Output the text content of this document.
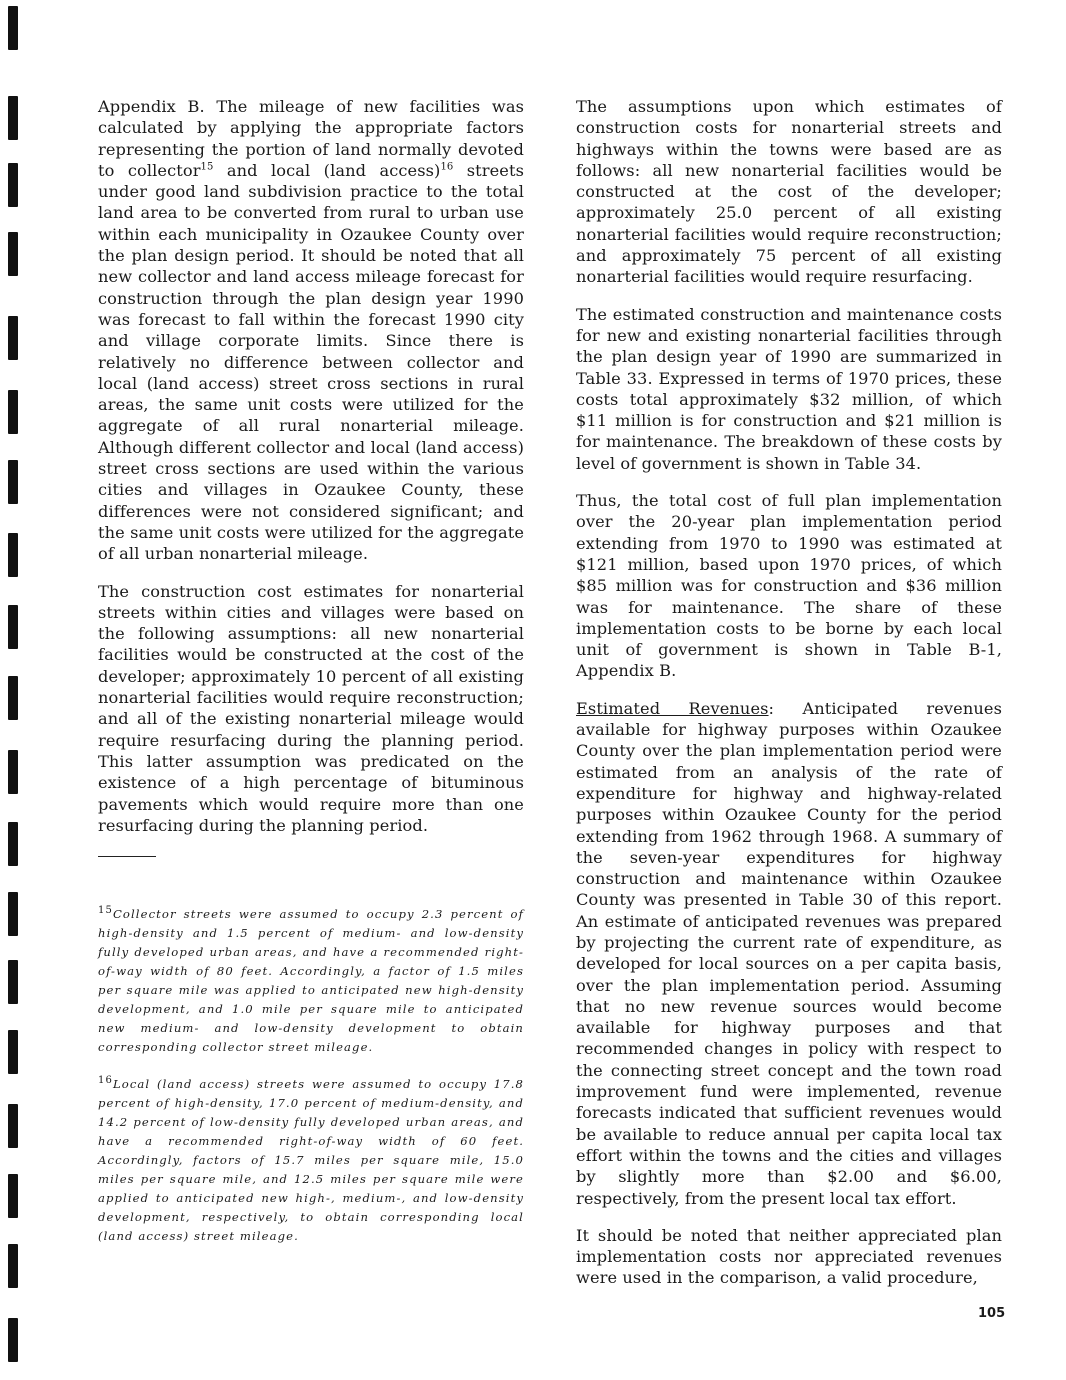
Appendix B. The mileage of new facilities was calculated by applying the appropriate factors representing the portion of land normally devoted to collector$^{15}$ and local (land access)$^{16}$ streets under good land subdivision practice to the total land area to be converted from rural to urban use within each municipality in Ozaukee County over the plan design period. It should be noted that all new collector and land access mileage forecast for construction through the plan design year 1990 was forecast to fall within the forecast 1990 city and village corporate limits. Since there is relatively no difference between collector and local (land access) street cross sections in rural areas, the same unit costs were utilized for the aggregate of all rural nonarterial mileage. Although different collector and local (land access) street cross sections are used within the various cities and villages in Ozaukee County, these differences were not considered significant; and the same unit costs were utilized for the aggregate of all urban nonarterial mileage.

The construction cost estimates for nonarterial streets within cities and villages were based on the following assumptions: all new nonarterial facilities would be constructed at the cost of the developer; approximately 10 percent of all existing nonarterial facilities would require reconstruction; and all of the existing nonarterial mileage would require resurfacing during the planning period. This latter assumption was predicated on the existence of a high percentage of bituminous pavements which would require more than one resurfacing during the planning period.

$^{15}$Collector streets were assumed to occupy 2.3 percent of high-density and 1.5 percent of medium- and low-density fully developed urban areas, and have a recommended right-of-way width of 80 feet. Accordingly, a factor of 1.5 miles per square mile was applied to anticipated new high-density development, and 1.0 mile per square mile to anticipated new medium- and low-density development to obtain corresponding collector street mileage.

$^{16}$Local (land access) streets were assumed to occupy 17.8 percent of high-density, 17.0 percent of medium-density, and 14.2 percent of low-density fully developed urban areas, and have a recommended right-of-way width of 60 feet. Accordingly, factors of 15.7 miles per square mile, 15.0 miles per square mile, and 12.5 miles per square mile were applied to anticipated new high-, medium-, and low-density development, respectively, to obtain corresponding local (land access) street mileage.

The assumptions upon which estimates of construction costs for nonarterial streets and highways within the towns were based are as follows: all new nonarterial facilities would be constructed at the cost of the developer; approximately 25.0 percent of all existing nonarterial facilities would require reconstruction; and approximately 75 percent of all existing nonarterial facilities would require resurfacing.

The estimated construction and maintenance costs for new and existing nonarterial facilities through the plan design year of 1990 are summarized in Table 33. Expressed in terms of 1970 prices, these costs total approximately $32 million, of which $11 million is for construction and $21 million is for maintenance. The breakdown of these costs by level of government is shown in Table 34.

Thus, the total cost of full plan implementation over the 20-year plan implementation period extending from 1970 to 1990 was estimated at $121 million, based upon 1970 prices, of which $85 million was for construction and $36 million was for maintenance. The share of these implementation costs to be borne by each local unit of government is shown in Table B-1, Appendix B.

Estimated Revenues: Anticipated revenues available for highway purposes within Ozaukee County over the plan implementation period were estimated from an analysis of the rate of expenditure for highway and highway-related purposes within Ozaukee County for the period extending from 1962 through 1968. A summary of the seven-year expenditures for highway construction and maintenance within Ozaukee County was presented in Table 30 of this report. An estimate of anticipated revenues was prepared by projecting the current rate of expenditure, as developed for local sources on a per capita basis, over the plan implementation period. Assuming that no new revenue sources would become available for highway purposes and that recommended changes in policy with respect to the connecting street concept and the town road improvement fund were implemented, revenue forecasts indicated that sufficient revenues would be available to reduce annual per capita local tax effort within the towns and the cities and villages by slightly more than $2.00 and $6.00, respectively, from the present local tax effort.

It should be noted that neither appreciated plan implementation costs nor appreciated revenues were used in the comparison, a valid procedure,

105
